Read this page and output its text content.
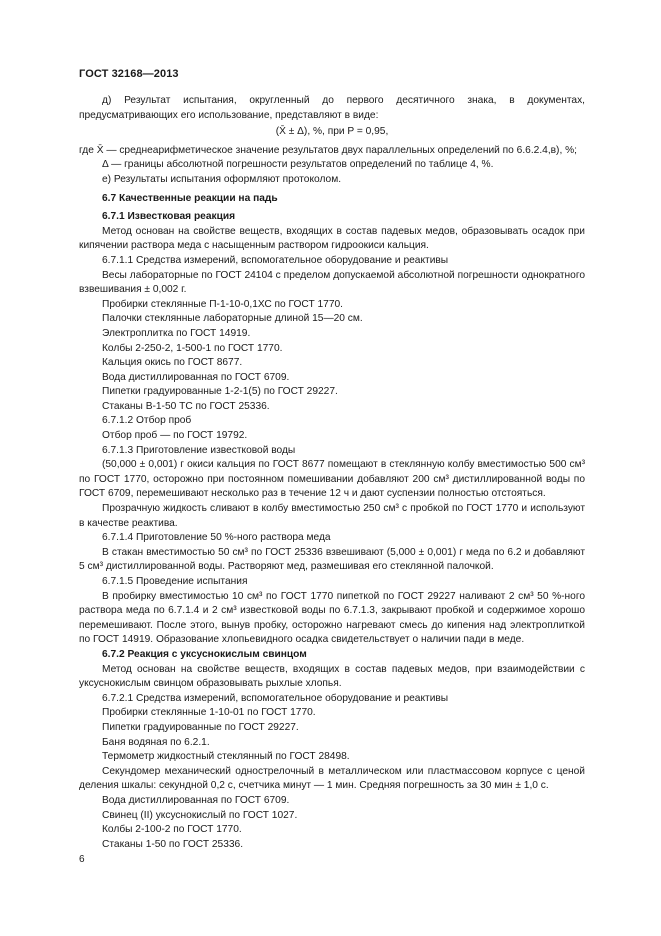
ГОСТ 32168—2013

д) Результат испытания, округленный до первого десятичного знака, в документах, предусматривающих его использование, представляют в виде:

(X̄ ± Δ), %, при P = 0,95,

где X̄ — среднеарифметическое значение результатов двух параллельных определений по 6.6.2.4,в), %;

Δ — границы абсолютной погрешности результатов определений по таблице 4, %.

е) Результаты испытания оформляют протоколом.

6.7 Качественные реакции на падь

6.7.1 Известковая реакция

Метод основан на свойстве веществ, входящих в состав падевых медов, образовывать осадок при кипячении раствора меда с насыщенным раствором гидроокиси кальция.

6.7.1.1 Средства измерений, вспомогательное оборудование и реактивы

Весы лабораторные по ГОСТ 24104 с пределом допускаемой абсолютной погрешности однократного взвешивания ± 0,002 г.

Пробирки стеклянные П-1-10-0,1ХС по ГОСТ 1770.

Палочки стеклянные лабораторные длиной 15—20 см.

Электроплитка по ГОСТ 14919.

Колбы 2-250-2, 1-500-1 по ГОСТ 1770.

Кальция окись по ГОСТ 8677.

Вода дистиллированная по ГОСТ 6709.

Пипетки градуированные 1-2-1(5) по ГОСТ 29227.

Стаканы В-1-50 ТС по ГОСТ 25336.

6.7.1.2 Отбор проб

Отбор проб — по ГОСТ 19792.

6.7.1.3 Приготовление известковой воды

(50,000 ± 0,001) г окиси кальция по ГОСТ 8677 помещают в стеклянную колбу вместимостью 500 см³ по ГОСТ 1770, осторожно при постоянном помешивании добавляют 200 см³ дистиллированной воды по ГОСТ 6709, перемешивают несколько раз в течение 12 ч и дают суспензии полностью отстояться.

Прозрачную жидкость сливают в колбу вместимостью 250 см³ с пробкой по ГОСТ 1770 и используют в качестве реактива.

6.7.1.4 Приготовление 50 %-ного раствора меда

В стакан вместимостью 50 см³ по ГОСТ 25336 взвешивают (5,000 ± 0,001) г меда по 6.2 и добавляют 5 см³ дистиллированной воды. Растворяют мед, размешивая его стеклянной палочкой.

6.7.1.5 Проведение испытания

В пробирку вместимостью 10 см³ по ГОСТ 1770 пипеткой по ГОСТ 29227 наливают 2 см³ 50 %-ного раствора меда по 6.7.1.4 и 2 см³ известковой воды по 6.7.1.3, закрывают пробкой и содержимое хорошо перемешивают. После этого, вынув пробку, осторожно нагревают смесь до кипения над электроплиткой по ГОСТ 14919. Образование хлопьевидного осадка свидетельствует о наличии пади в меде.

6.7.2 Реакция с уксуснокислым свинцом

Метод основан на свойстве веществ, входящих в состав падевых медов, при взаимодействии с уксуснокислым свинцом образовывать рыхлые хлопья.

6.7.2.1 Средства измерений, вспомогательное оборудование и реактивы

Пробирки стеклянные 1-10-01 по ГОСТ 1770.

Пипетки градуированные по ГОСТ 29227.

Баня водяная по 6.2.1.

Термометр жидкостный стеклянный по ГОСТ 28498.

Секундомер механический однострелочный в металлическом или пластмассовом корпусе с ценой деления шкалы: секундной 0,2 с, счетчика минут — 1 мин. Средняя погрешность за 30 мин ± 1,0 с.

Вода дистиллированная по ГОСТ 6709.

Свинец (II) уксуснокислый по ГОСТ 1027.

Колбы 2-100-2 по ГОСТ 1770.

Стаканы 1-50 по ГОСТ 25336.

6
